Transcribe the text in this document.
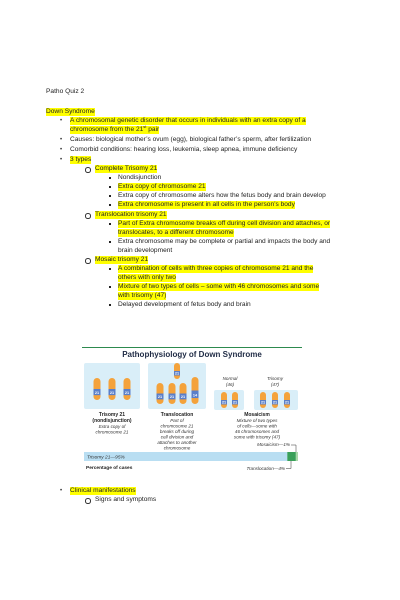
Patho Quiz 2
Down Syndrome
• A chromosomal genetic disorder that occurs in individuals with an extra copy of a
chromosome from the 21st pair
• Causes: biological mother’s ovum (egg), biological father’s sperm, after fertilization
• Comorbid conditions: hearing loss, leukemia, sleep apnea, immune deficiency
• 3 types
Complete Trisomy 21
Nondisjunction
Extra copy of chromosome 21
Extra copy of chromosome alters how the fetus body and brain develop
Extra chromosome is present in all cells in the person’s body
Translocation trisomy 21
Part of Extra chromosome breaks off during cell division and attaches, or
translocates, to a different chromosome
Extra chromosome may be complete or partial and impacts the body and
brain development
Mosaic trisomy 21
A combination of cells with three copies of chromosome 21 and the
others with only two
Mixture of two types of cells – some with 46 chromosomes and some
with trisomy (47)
Delayed development of fetus body and brain
Pathophysiology of Down Syndrome
21	21	21
Trisomy 21
(nondisjunction)
Extra copy of
chromosome 21
21
21 21 21 14
Translocation
Part of
chromosome 21
breaks off during
cell division and
attaches to another
chromosome
Normal
(46)
Trisomy
(47)
21 21	21 21 21
Mosaicism
Mixture of two types
of cells—some with
46 chromosomes and
some with trisomy (47)
Mosaicism—1%
Trisomy 21—95%
Percentage of cases	Translocation—4%
• Clinical manifestations
Signs and symptoms
